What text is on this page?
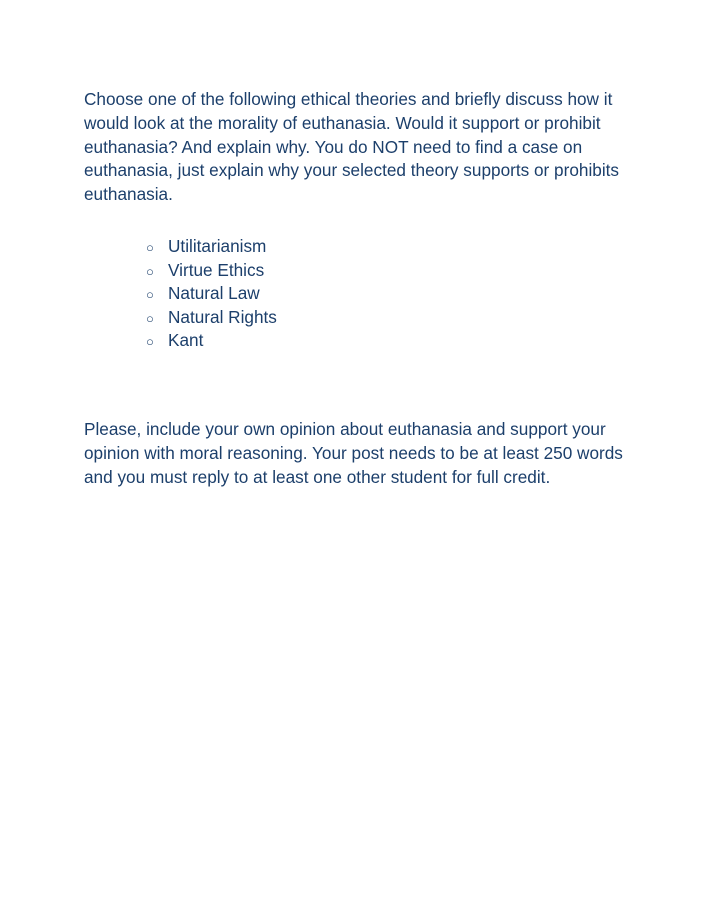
Choose one of the following ethical theories and briefly discuss how it would look at the morality of euthanasia. Would it support or prohibit euthanasia? And explain why. You do NOT need to find a case on euthanasia, just explain why your selected theory supports or prohibits euthanasia.

○ Utilitarianism
○ Virtue Ethics
○ Natural Law
○ Natural Rights
○ Kant

Please, include your own opinion about euthanasia and support your opinion with moral reasoning. Your post needs to be at least 250 words and you must reply to at least one other student for full credit.
